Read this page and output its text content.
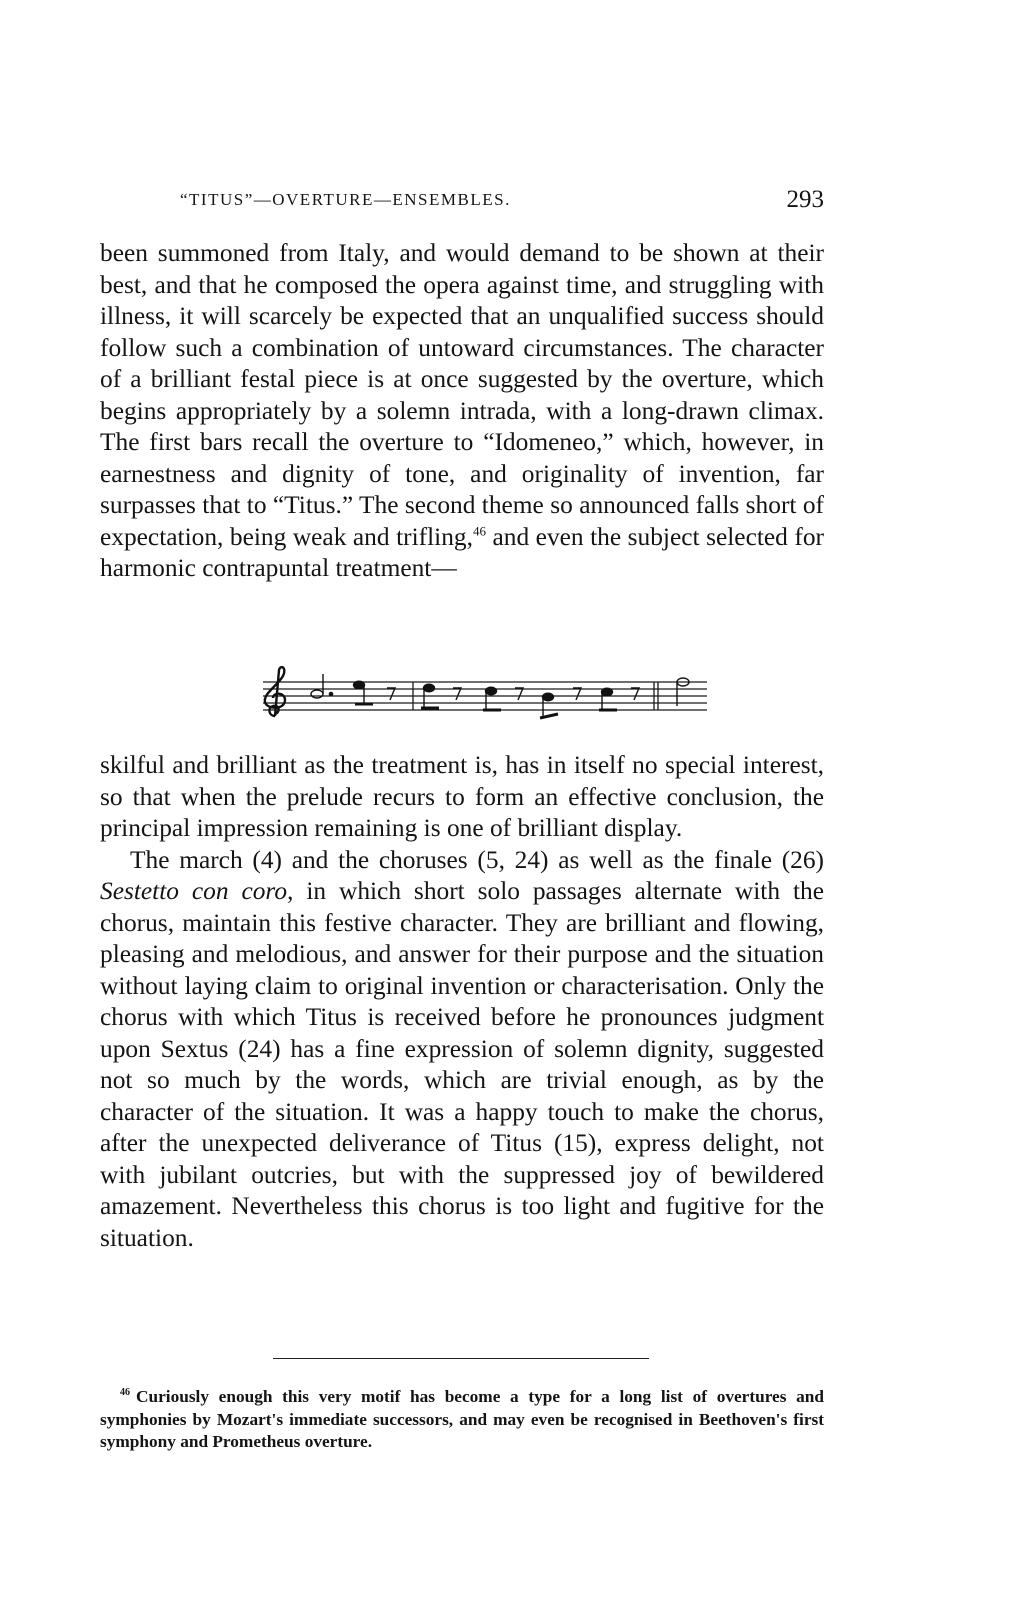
“TITUS”—OVERTURE—ENSEMBLES.	293

been summoned from Italy, and would demand to be shown at their best, and that he composed the opera against time, and struggling with illness, it will scarcely be expected that an unqualified success should follow such a combination of untoward circumstances. The character of a brilliant festal piece is at once suggested by the overture, which begins appropriately by a solemn intrada, with a long-drawn climax. The first bars recall the overture to “Idomeneo,” which, however, in earnestness and dignity of tone, and originality of invention, far surpasses that to “Titus.” The second theme so announced falls short of expectation, being weak and trifling,$^{46}$ and even the subject selected for harmonic contrapuntal treatment—

skilful and brilliant as the treatment is, has in itself no special interest, so that when the prelude recurs to form an effective conclusion, the principal impression remaining is one of brilliant display.

The march (4) and the choruses (5, 24) as well as the finale (26) Sestetto con coro, in which short solo passages alternate with the chorus, maintain this festive character. They are brilliant and flowing, pleasing and melodious, and answer for their purpose and the situation without laying claim to original invention or characterisation. Only the chorus with which Titus is received before he pronounces judgment upon Sextus (24) has a fine expression of solemn dignity, suggested not so much by the words, which are trivial enough, as by the character of the situation. It was a happy touch to make the chorus, after the unexpected deliverance of Titus (15), express delight, not with jubilant outcries, but with the suppressed joy of bewildered amazement. Nevertheless this chorus is too light and fugitive for the situation.

$^{46}$ Curiously enough this very motif has become a type for a long list of overtures and symphonies by Mozart's immediate successors, and may even be recognised in Beethoven's first symphony and Prometheus overture.
